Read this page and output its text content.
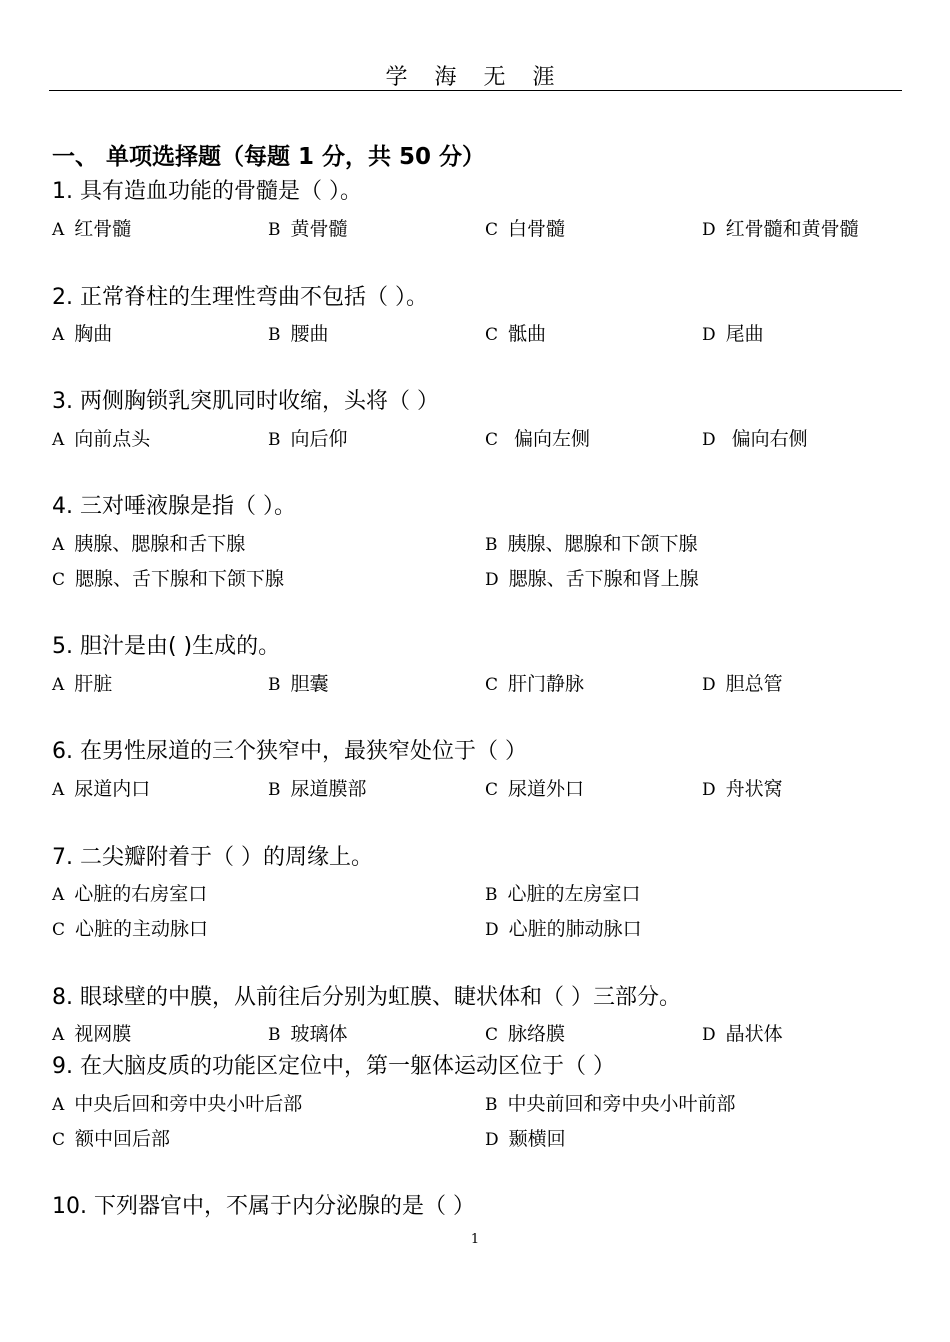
学 海 无 涯
一、 单项选择题（每题 1 分，共 50 分）
1. 具有造血功能的骨髓是（ ）。
A 红骨髓	B 黄骨髓	C 白骨髓	D 红骨髓和黄骨髓
2. 正常脊柱的生理性弯曲不包括（ ）。
A 胸曲	B 腰曲	C 骶曲	D 尾曲
3. 两侧胸锁乳突肌同时收缩，头将（ ）
A 向前点头	B 向后仰	C 偏向左侧	D 偏向右侧
4. 三对唾液腺是指（ ）。
A 胰腺、腮腺和舌下腺	B 胰腺、腮腺和下颌下腺
C 腮腺、舌下腺和下颌下腺	D 腮腺、舌下腺和肾上腺
5. 胆汁是由( )生成的。
A 肝脏	B 胆囊	C 肝门静脉	D 胆总管
6. 在男性尿道的三个狭窄中，最狭窄处位于（ ）
A 尿道内口	B 尿道膜部	C 尿道外口	D 舟状窝
7. 二尖瓣附着于（ ）的周缘上。
A 心脏的右房室口	B 心脏的左房室口
C 心脏的主动脉口	D 心脏的肺动脉口
8. 眼球壁的中膜，从前往后分别为虹膜、睫状体和（ ）三部分。
A 视网膜	B 玻璃体	C 脉络膜	D 晶状体
9. 在大脑皮质的功能区定位中，第一躯体运动区位于（ ）
A 中央后回和旁中央小叶后部	B 中央前回和旁中央小叶前部
C 额中回后部	D 颞横回
10. 下列器官中，不属于内分泌腺的是（ ）
1
